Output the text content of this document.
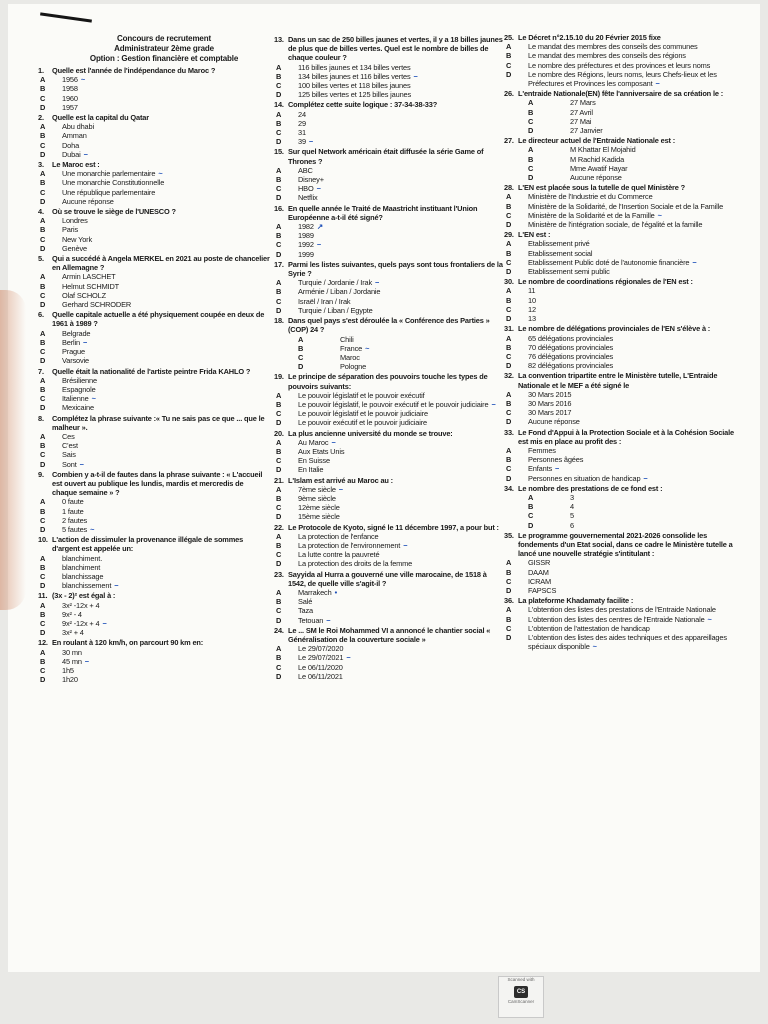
Concours de recrutement
Administrateur 2ème grade
Option : Gestion financière et comptable
1.	Quelle est l'année de l'indépendance du Maroc ?
A	1956 ~
B	1958
C	1960
D	1957
2.	Quelle est la capital du Qatar
A	Abu dhabi
B	Amman
C	Doha
D	Dubai −
3.	Le Maroc est :
A	Une monarchie parlementaire ~
B	Une monarchie Constitutionnelle
C	Une république parlementaire
D	Aucune réponse
4.	Où se trouve le siège de l'UNESCO ?
A	Londres
B	Paris
C	New York
D	Genève
5.	Qui a succédé à Angela MERKEL en 2021 au poste de chancelier en Allemagne ?
A	Armin LASCHET
B	Helmut SCHMIDT
C	Olaf SCHOLZ
D	Gerhard SCHRODER
6.	Quelle capitale actuelle a été physiquement coupée en deux de 1961 à 1989 ?
A	Belgrade
B	Berlin −
C	Prague
D	Varsovie
7.	Quelle était la nationalité de l'artiste peintre Frida KAHLO ?
A	Brésilienne
B	Espagnole
C	Italienne ~
D	Mexicaine
8.	Complétez la phrase suivante :« Tu ne sais pas ce que ... que le malheur ».
A	Ces
B	C'est
C	Sais
D	Sont −
9.	Combien y a-t-il de fautes dans la phrase suivante : « L'accueil est ouvert au publique les lundis, mardis et mercredis de chaque semaine » ?
A	0 faute
B	1 faute
C	2 fautes
D	5 fautes ~
10. L'action de dissimuler la provenance illégale de sommes d'argent est appelée un:
A	blanchiment.
B	blanchiment
C	blanchissage
D	blanchissement −
11. (3x - 2)² est égal à :
A	3x² -12x + 4
B	9x² - 4
C	9x² -12x + 4 −
D	3x² + 4
12. En roulant à 120 km/h, on parcourt 90 km en:
A	30 mn
B	45 mn −
C	1h5
D	1h20
13. Dans un sac de 250 billes jaunes et vertes, il y a 18 billes jaunes de plus que de billes vertes. Quel est le nombre de billes de chaque couleur ?
A	116 billes jaunes et 134 billes vertes
B	134 billes jaunes et 116 billes vertes −
C	100 billes vertes et 118 billes jaunes
D	125 billes vertes et 125 billes jaunes
14. Complétez cette suite logique : 37-34-38-33?
A	24
B	29
C	31
D	39 −
15. Sur quel Network américain était diffusée la série Game of Thrones ?
A	ABC
B	Disney+
C	HBO −
D	Netflix
16. En quelle année le Traité de Maastricht instituant l'Union Européenne a-t-il été signé?
A	1982 ↗
B	1989
C	1992 −
D	1999
17. Parmi les listes suivantes, quels pays sont tous frontaliers de la Syrie ?
A	Turquie / Jordanie / Irak −
B	Arménie / Liban / Jordanie
C	Israël / Iran / Irak
D	Turquie / Liban / Egypte
18. Dans quel pays s'est déroulée la « Conférence des Parties » (COP) 24 ?
A	Chili
B	France ~
C	Maroc
D	Pologne
19. Le principe de séparation des pouvoirs touche les types de pouvoirs suivants:
A	Le pouvoir législatif et le pouvoir exécutif
B	Le pouvoir législatif, le pouvoir exécutif et le pouvoir judiciaire −
C	Le pouvoir législatif et le pouvoir judiciaire
D	Le pouvoir exécutif et le pouvoir judiciaire
20. La plus ancienne université du monde se trouve:
A	Au Maroc −
B	Aux Etats Unis
C	En Suisse
D	En Italie
21. L'Islam est arrivé au Maroc au :
A	7ème siècle −
B	9ème siècle
C	12ème siècle
D	15ème siècle
22. Le Protocole de Kyoto, signé le 11 décembre 1997, a pour but :
A	La protection de l'enfance
B	La protection de l'environnement −
C	La lutte contre la pauvreté
D	La protection des droits de la femme
23. Sayyida al Hurra a gouverné une ville marocaine, de 1518 à 1542, de quelle ville s'agit-il ?
A	Marrakech •
B	Salé
C	Taza
D	Tetouan −
24. Le ... SM le Roi Mohammed VI a annoncé le chantier social « Généralisation de la couverture sociale »
A	Le 29/07/2020
B	Le 29/07/2021 −
C	Le 06/11/2020
D	Le 06/11/2021
25. Le Décret n°2.15.10 du 20 Février 2015 fixe
A	Le mandat des membres des conseils des communes
B	Le mandat des membres des conseils des régions
C	Le nombre des préfectures et des provinces et leurs noms
D	Le nombre des Régions, leurs noms, leurs Chefs-lieux et les Préfectures et Provinces les composant −
26. L'entraide Nationale(EN) fête l'anniversaire de sa création le :
A	27 Mars
B	27 Avril
C	27 Mai
D	27 Janvier
27. Le directeur actuel de l'Entraide Nationale est :
A	M Khattar El Mojahid
B	M Rachid Kadida
C	Mme Awatif Hayar
D	Aucune réponse
28. L'EN est placée sous la tutelle de quel Ministère ?
A	Ministère de l'Industrie et du Commerce
B	Ministère de la Solidarité, de l'Insertion Sociale et de la Famille
C	Ministère de la Solidarité et de la Famille ~
D	Ministère de l'intégration sociale, de l'égalité et la famille
29. L'EN est :
A	Etablissement privé
B	Etablissement social
C	Etablissement Public doté de l'autonomie financière −
D	Etablissement semi public
30. Le nombre de coordinations régionales de l'EN est :
A	11
B	10
C	12
D	13
31. Le nombre de délégations provinciales de l'EN s'élève à :
A	65 délégations provinciales
B	70 délégations provinciales
C	76 délégations provinciales
D	82 délégations provinciales
32. La convention tripartite entre le Ministère tutelle, L'Entraide Nationale et le MEF a été signé le
A	30 Mars 2015
B	30 Mars 2016
C	30 Mars 2017
D	Aucune réponse
33. Le Fond d'Appui à la Protection Sociale et à la Cohésion Sociale est mis en place au profit des :
A	Femmes
B	Personnes âgées
C	Enfants −
D	Personnes en situation de handicap −
34. Le nombre des prestations de ce fond est :
A	3
B	4
C	5
D	6
35. Le programme gouvernemental 2021-2026 consolide les fondements d'un Etat social, dans ce cadre le Ministère tutelle a lancé une nouvelle stratégie s'intitulant :
A	GISSR
B	DAAM
C	ICRAM
D	FAPSCS
36. La plateforme Khadamaty facilite :
A	L'obtention des listes des prestations de l'Entraide Nationale
B	L'obtention des listes des centres de l'Entraide Nationale ~
C	L'obtention de l'attestation de handicap
D	L'obtention des listes des aides techniques et des appareillages spéciaux disponible ~
Scanned with
CS
CamScanner
